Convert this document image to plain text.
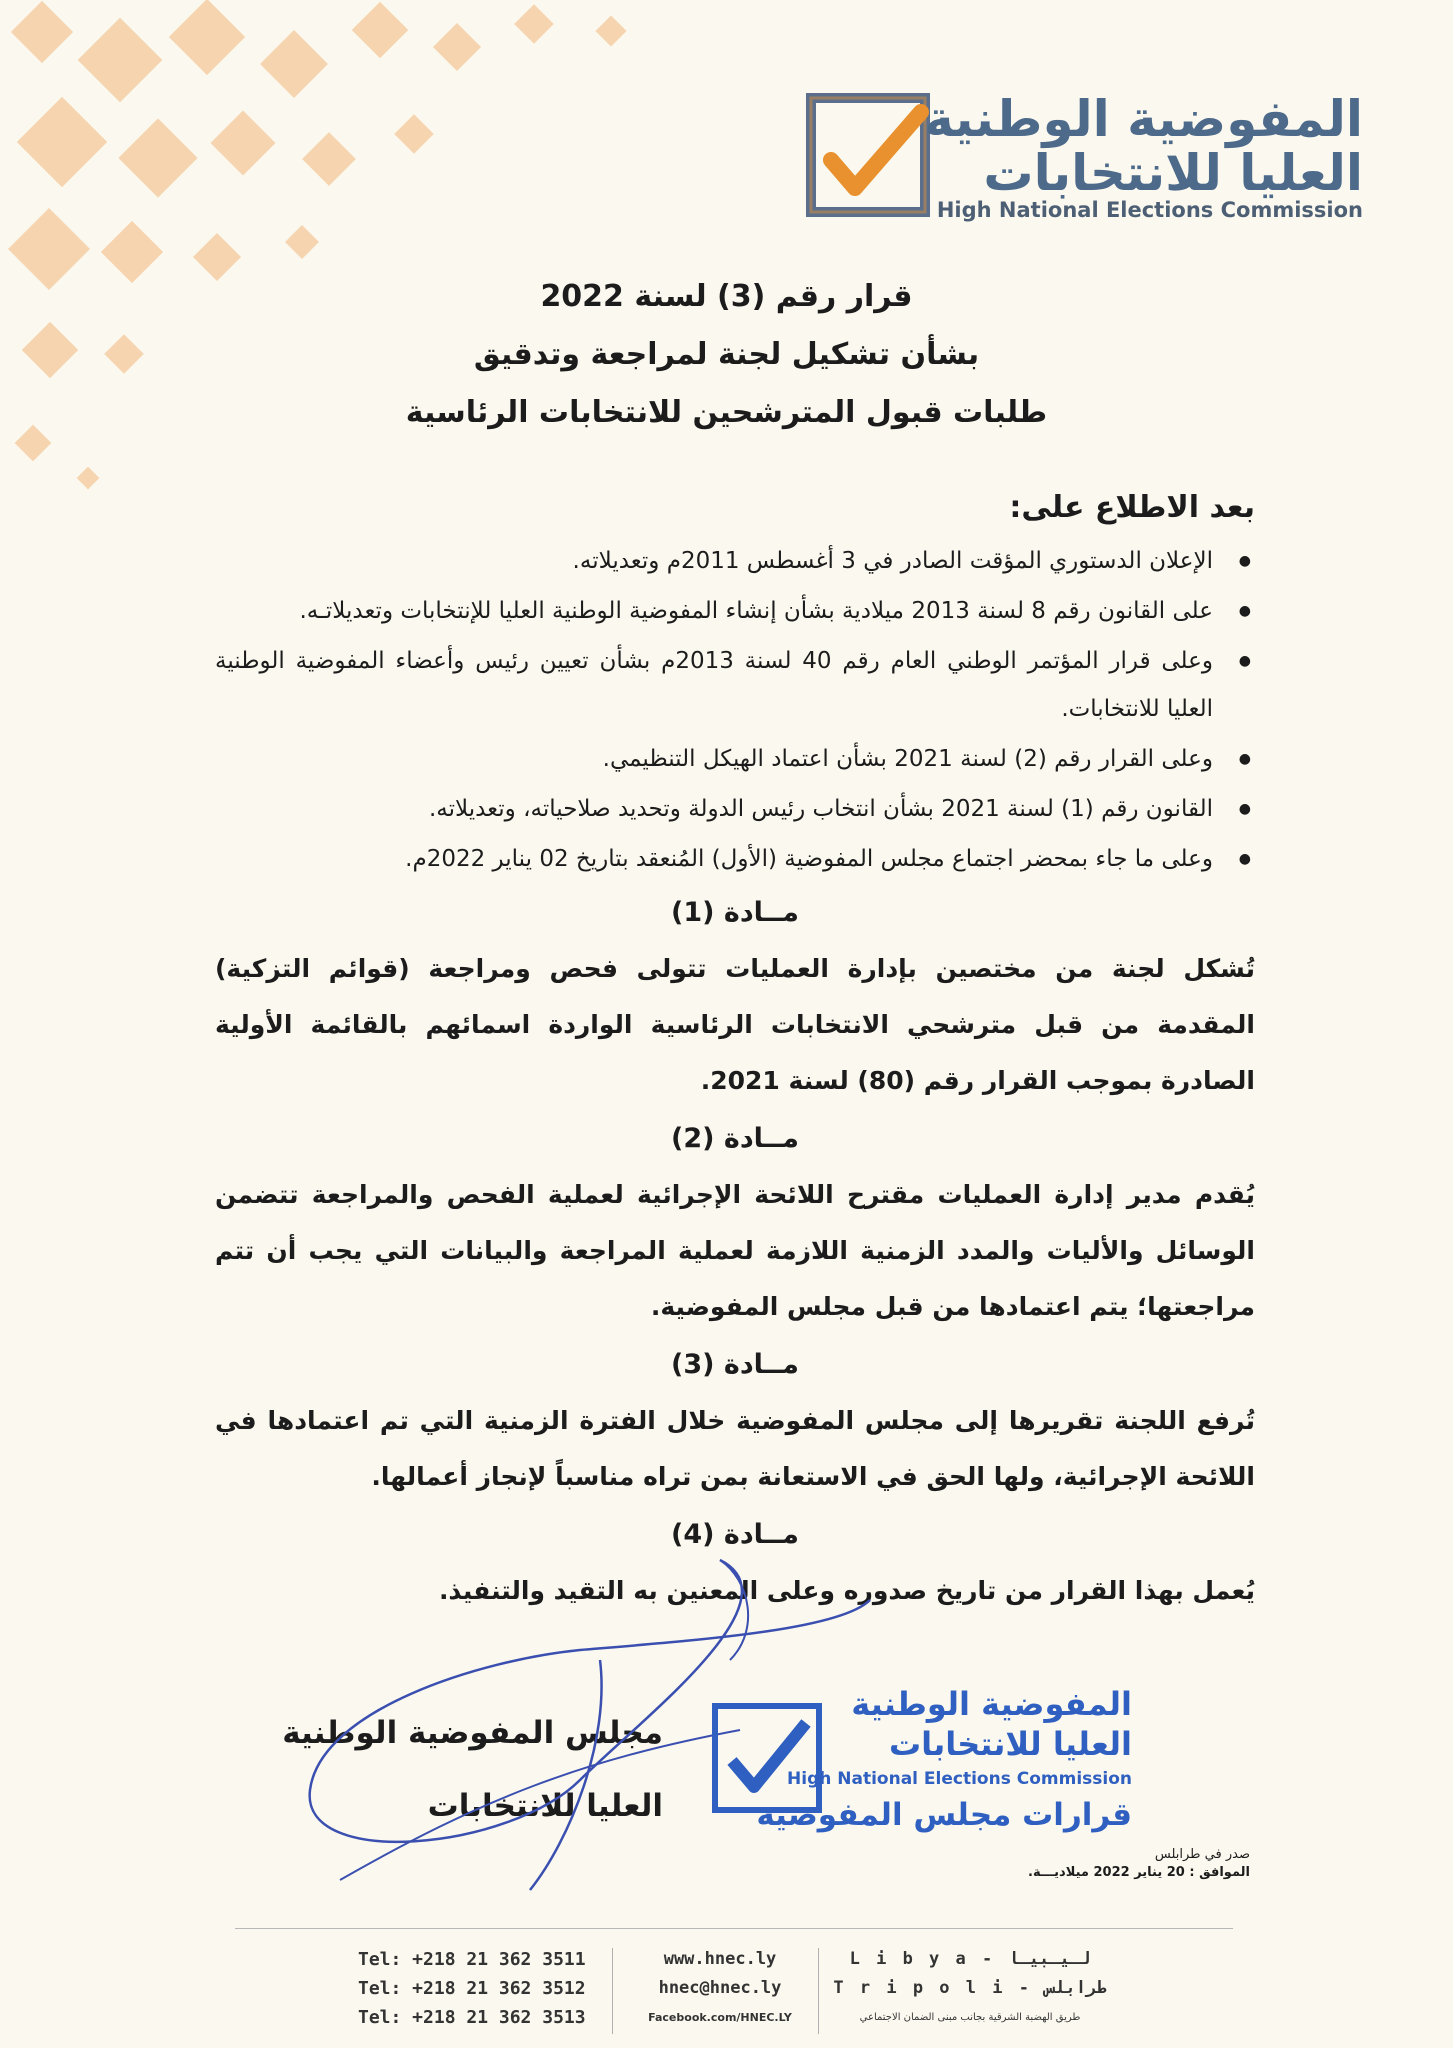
المفوضية الوطنية
العليا للانتخابات
High National Elections Commission
قرار رقم (3) لسنة 2022
بشأن تشكيل لجنة لمراجعة وتدقيق
طلبات قبول المترشحين للانتخابات الرئاسية
بعد الاطلاع على:
● الإعلان الدستوري المؤقت الصادر في 3 أغسطس 2011م وتعديلاته.
● على القانون رقم 8 لسنة 2013 ميلادية بشأن إنشاء المفوضية الوطنية العليا للإنتخابات وتعديلاتـه.
● وعلى قرار المؤتمر الوطني العام رقم 40 لسنة 2013م بشأن تعيين رئيس وأعضاء المفوضية الوطنية العليا للانتخابات.
● وعلى القرار رقم (2) لسنة 2021 بشأن اعتماد الهيكل التنظيمي.
● القانون رقم (1) لسنة 2021 بشأن انتخاب رئيس الدولة وتحديد صلاحياته، وتعديلاته.
● وعلى ما جاء بمحضر اجتماع مجلس المفوضية (الأول) المُنعقد بتاريخ 02 يناير 2022م.
مــادة (1)

تُشكل لجنة من مختصين بإدارة العمليات تتولى فحص ومراجعة (قوائم التزكية) المقدمة من قبل مترشحي الانتخابات الرئاسية الواردة اسمائهم بالقائمة الأولية الصادرة بموجب القرار رقم (80) لسنة 2021.

مــادة (2)

يُقدم مدير إدارة العمليات مقترح اللائحة الإجرائية لعملية الفحص والمراجعة تتضمن الوسائل والأليات والمدد الزمنية اللازمة لعملية المراجعة والبيانات التي يجب أن تتم مراجعتها؛ يتم اعتمادها من قبل مجلس المفوضية.

مــادة (3)

تُرفع اللجنة تقريرها إلى مجلس المفوضية خلال الفترة الزمنية التي تم اعتمادها في اللائحة الإجرائية، ولها الحق في الاستعانة بمن تراه مناسباً لإنجاز أعمالها.

مــادة (4)

يُعمل بهذا القرار من تاريخ صدوره وعلى المعنين به التقيد والتنفيذ.

مجلس المفوضية الوطنية
العليا للانتخابات
المفوضية الوطنية
العليا للانتخابات
High National Elections Commission
قرارات مجلس المفوضية
صدر في طرابلس
الموافق : 20 يناير 2022 ميلاديـــة.
Tel: +218 21 362 3511
Tel: +218 21 362 3512
Tel: +218 21 362 3513
www.hnec.ly
hnec@hnec.ly
Facebook.com/HNEC.LY
L i b y a - لـيـبيـا
T r i p o l i - طرابلس
طريق الهضبة الشرقية بجانب مبنى الضمان الاجتماعي
